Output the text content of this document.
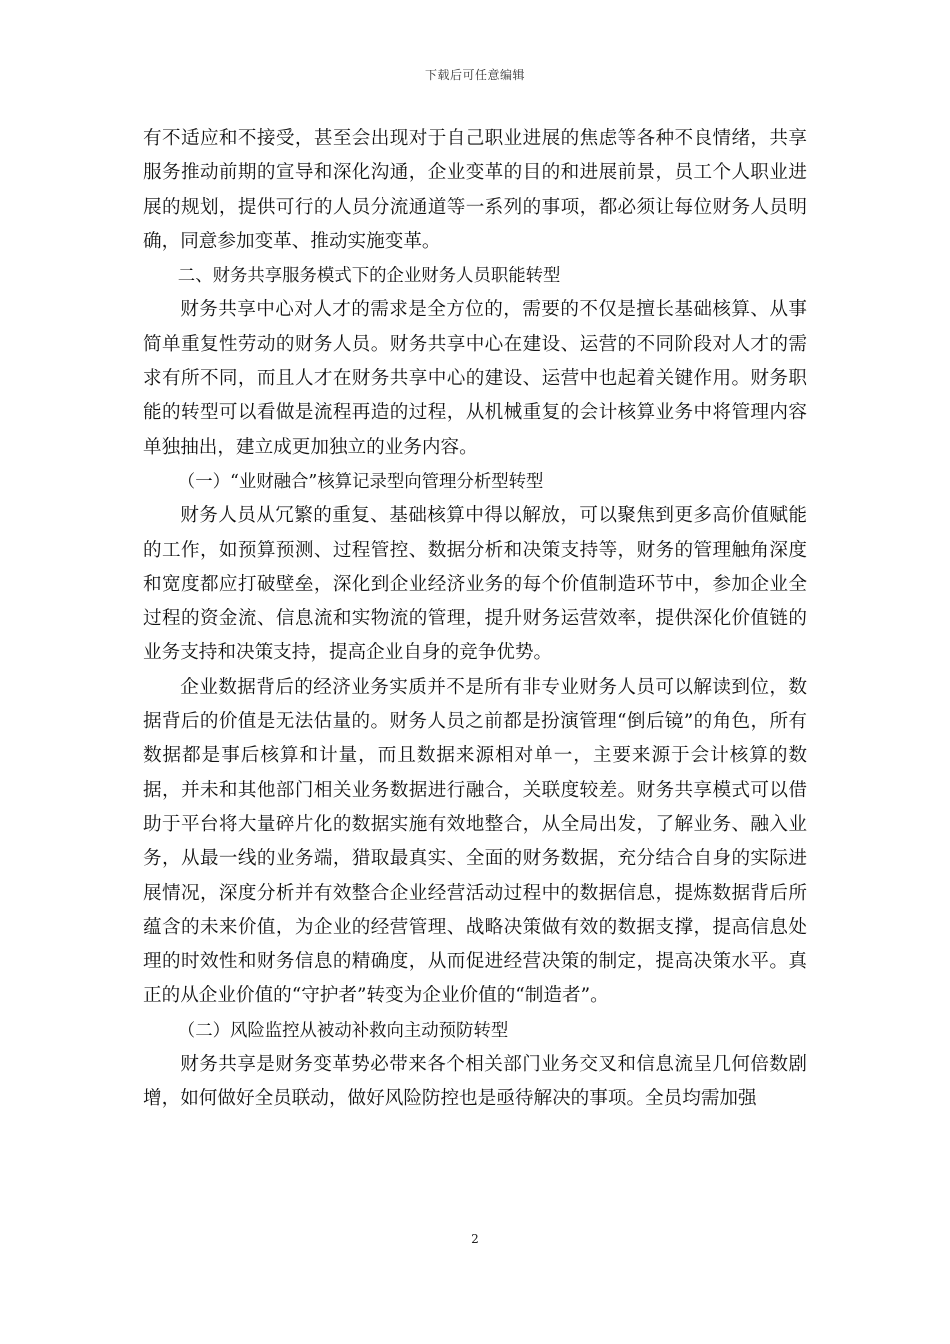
下载后可任意编辑

有不适应和不接受，甚至会出现对于自己职业进展的焦虑等各种不良情绪，共享服务推动前期的宣导和深化沟通，企业变革的目的和进展前景，员工个人职业进展的规划，提供可行的人员分流通道等一系列的事项，都必须让每位财务人员明确，同意参加变革、推动实施变革。

二、财务共享服务模式下的企业财务人员职能转型

财务共享中心对人才的需求是全方位的，需要的不仅是擅长基础核算、从事简单重复性劳动的财务人员。财务共享中心在建设、运营的不同阶段对人才的需求有所不同，而且人才在财务共享中心的建设、运营中也起着关键作用。财务职能的转型可以看做是流程再造的过程，从机械重复的会计核算业务中将管理内容单独抽出，建立成更加独立的业务内容。

（一）“业财融合”核算记录型向管理分析型转型

财务人员从冗繁的重复、基础核算中得以解放，可以聚焦到更多高价值赋能的工作，如预算预测、过程管控、数据分析和决策支持等，财务的管理触角深度和宽度都应打破壁垒，深化到企业经济业务的每个价值制造环节中，参加企业全过程的资金流、信息流和实物流的管理，提升财务运营效率，提供深化价值链的业务支持和决策支持，提高企业自身的竞争优势。

企业数据背后的经济业务实质并不是所有非专业财务人员可以解读到位，数据背后的价值是无法估量的。财务人员之前都是扮演管理“倒后镜”的角色，所有数据都是事后核算和计量，而且数据来源相对单一，主要来源于会计核算的数据，并未和其他部门相关业务数据进行融合，关联度较差。财务共享模式可以借助于平台将大量碎片化的数据实施有效地整合，从全局出发，了解业务、融入业务，从最一线的业务端，猎取最真实、全面的财务数据，充分结合自身的实际进展情况，深度分析并有效整合企业经营活动过程中的数据信息，提炼数据背后所蕴含的未来价值，为企业的经营管理、战略决策做有效的数据支撑，提高信息处理的时效性和财务信息的精确度，从而促进经营决策的制定，提高决策水平。真正的从企业价值的“守护者”转变为企业价值的“制造者”。

（二）风险监控从被动补救向主动预防转型

财务共享是财务变革势必带来各个相关部门业务交叉和信息流呈几何倍数剧增，如何做好全员联动，做好风险防控也是亟待解决的事项。全员均需加强

2
